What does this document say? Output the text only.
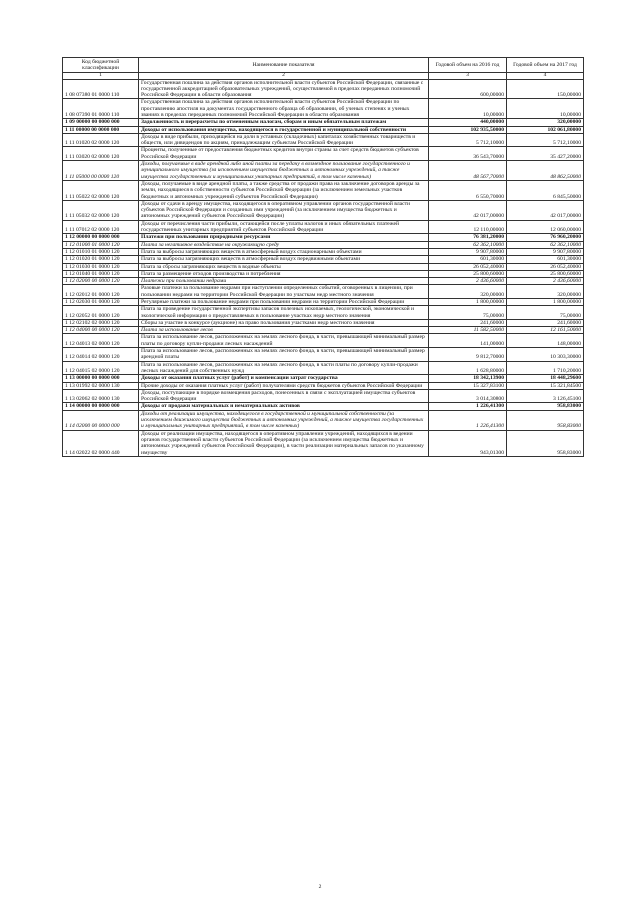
Код бюджетной классификации	Наименование показателя	Годовой объем на 2016 год	Годовой объем на 2017 год
1	2	3	4
1 08 07380 01 0000 110	Государственная пошлина за действия органов исполнительной власти субъектов Российской Федерации, связанные с государственной аккредитацией образовательных учреждений, осуществляемой в пределах переданных полномочий Российской Федерации в области образования	600,00000	150,00000
1 08 07390 01 0000 110	Государственная пошлина за действия органов исполнительной власти субъектов Российской Федерации по проставлению апостиля на документах государственного образца об образовании, об ученых степенях и ученых званиях в пределах переданных полномочий Российской Федерации в области образования	10,00000	10,00000
1 09 00000 00 0000 000	Задолженность и перерасчеты по отмененным налогам, сборам и иным обязательным платежам	440,00000	320,00000
1 11 00000 00 0000 000	Доходы от использования имущества, находящегося в государственной и муниципальной собственности	102 935,50000	102 061,80000
1 11 01020 02 0000 120	Доходы в виде прибыли, приходящейся на доли в уставных (складочных) капиталах хозяйственных товариществ и обществ, или дивидендов по акциям, принадлежащим субъектам Российской Федерации	5 712,10000	5 712,10000
1 11 03020 02 0000 120	Проценты, полученные от предоставления бюджетных кредитов внутри страны за счет средств бюджетов субъектов Российской Федерации	36 543,70000	35 427,20000
1 11 05000 00 0000 120	Доходы, получаемые в виде арендной либо иной платы за передачу в возмездное пользование государственного и муниципального имущества (за исключением имущества бюджетных и автономных учреждений, а также имущества государственных и муниципальных унитарных предприятий, в том числе казенных)	48 567,70000	48 862,50000
1 11 05022 02 0000 120	Доходы, получаемые в виде арендной платы, а также средства от продажи права на заключение договоров аренды за земли, находящиеся в собственности субъектов Российской Федерации (за исключением земельных участков бюджетных и автономных учреждений субъектов Российской Федерации)	6 550,70000	6 845,50000
1 11 05032 02 0000 120	Доходы от сдачи в аренду имущества, находящегося в оперативном управлении органов государственной власти субъектов Российской Федерации и созданных ими учреждений (за исключением имущества бюджетных и автономных учреждений субъектов Российской Федерации)	42 017,00000	42 017,00000
1 11 07012 02 0000 120	Доходы от перечисления части прибыли, остающейся после уплаты налогов и иных обязательных платежей государственных унитарных предприятий субъектов Российской Федерации	12 110,00000	12 060,00000
1 12 00000 00 0000 000	Платежи при пользовании природными ресурсами	76 381,20000	76 960,20000
1 12 01000 01 0000 120	Плата за негативное воздействие на окружающую среду	62 362,10000	62 362,10000
1 12 01010 01 0000 120	Плата за выбросы загрязняющих веществ в атмосферный воздух стационарными объектами	9 907,80000	9 907,80000
1 12 01020 01 0000 120	Плата за выбросы загрязняющих веществ в атмосферный воздух передвижными объектами	601,30000	601,30000
1 12 01030 01 0000 120	Плата за сбросы загрязняющих веществ в водные объекты	26 052,40000	26 052,40000
1 12 01040 01 0000 120	Плата за размещение отходов производства и потребления	25 800,60000	25 800,60000
1 12 02000 00 0000 120	Платежи при пользовании недрами	2 436,60000	2 436,60000
1 12 02012 01 0000 120	Разовые платежи за пользование недрами при наступлении определенных событий, оговоренных в лицензии, при пользовании недрами на территории Российской Федерации по участкам недр местного значения	320,00000	320,00000
1 12 02030 01 0000 120	Регулярные платежи за пользование недрами при пользовании недрами на территории Российской Федерации	1 800,00000	1 800,00000
1 12 02052 01 0000 120	Плата за проведение государственной экспертизы запасов полезных ископаемых, геологической, экономической и экологической информации о предоставляемых в пользование участках недр местного значения	75,00000	75,00000
1 12 02102 02 0000 120	Сборы за участие в конкурсе (аукционе) на право пользования участками недр местного значения	241,60000	241,60000
1 12 04000 00 0000 120	Плата за использование лесов	11 582,50000	12 161,50000
1 12 04013 02 0000 120	Плата за использование лесов, расположенных на землях лесного фонда, в части, превышающей минимальный размер платы по договору купли-продажи лесных насаждений	141,00000	148,00000
1 12 04014 02 0000 120	Плата за использование лесов, расположенных на землях лесного фонда, в части, превышающей минимальный размер арендной платы	9 812,70000	10 303,30000
1 12 04015 02 0000 120	Плата за использование лесов, расположенных на землях лесного фонда, в части платы по договору купли-продажи лесных насаждений для собственных нужд	1 628,80000	1 710,20000
1 13 00000 00 0000 000	Доходы от оказания платных услуг (работ) и компенсации затрат государства	18 342,13900	18 448,29600
1 13 01992 02 0000 130	Прочие доходы от оказания платных услуг (работ) получателями средств бюджетов субъектов Российской Федерации	15 327,83100	15 321,84500
1 13 02062 02 0000 130	Доходы, поступающие в порядке возмещения расходов, понесенных в связи с эксплуатацией имущества субъектов Российской Федерации	3 014,30800	3 126,45100
1 14 00000 00 0000 000	Доходы от продажи материальных и нематериальных активов	1 226,41300	958,83000
1 14 02000 00 0000 000	Доходы от реализации имущества, находящегося в государственной и муниципальной собственности (за исключением движимого имущества бюджетных и автономных учреждений, а также имущества государственных и муниципальных унитарных предприятий, в том числе казенных)	1 226,41300	958,83000
1 14 02022 02 0000 440	Доходы от реализации имущества, находящегося в оперативном управлении учреждений, находящихся в ведении органов государственной власти субъектов Российской Федерации (за исключением имущества бюджетных и автономных учреждений субъектов Российской Федерации), в части реализации материальных запасов по указанному имуществу	943,01300	958,83000
2
